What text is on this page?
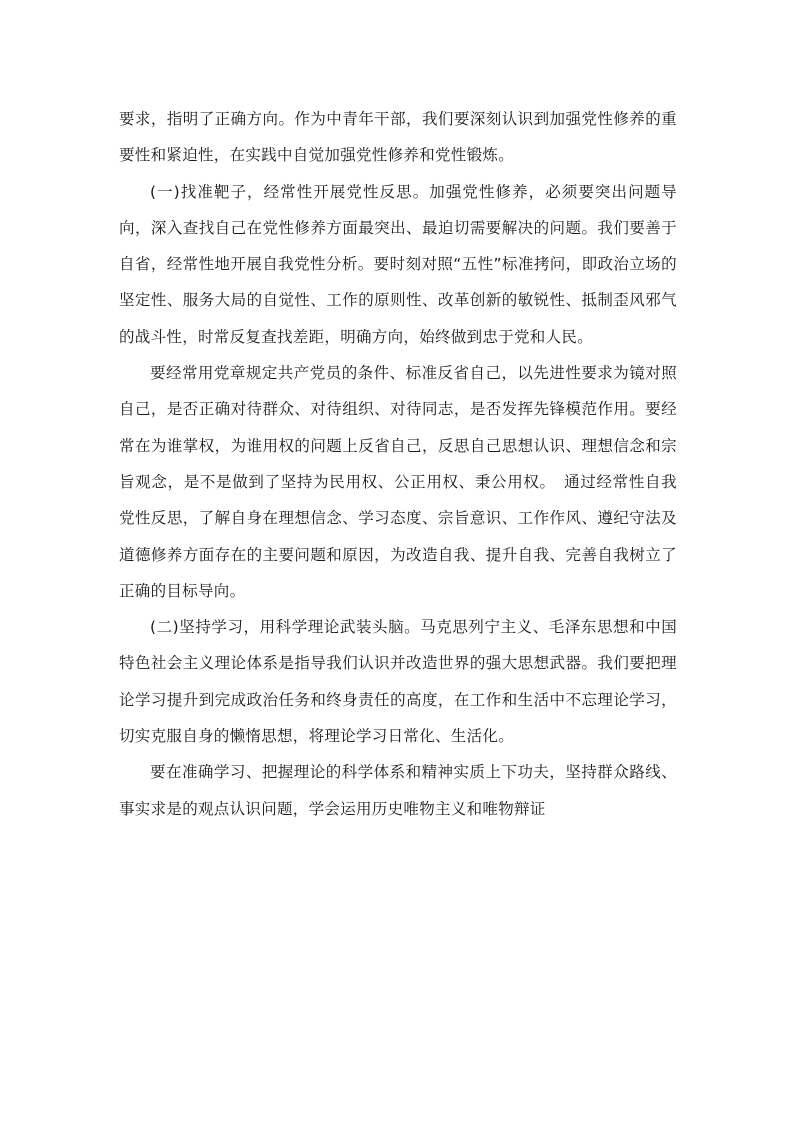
要求，指明了正确方向。作为中青年干部，我们要深刻认识到加强党性修养的重要性和紧迫性，在实践中自觉加强党性修养和党性锻炼。

(一)找准靶子，经常性开展党性反思。加强党性修养，必须要突出问题导向，深入查找自己在党性修养方面最突出、最迫切需要解决的问题。我们要善于自省，经常性地开展自我党性分析。要时刻对照“五性”标准拷问，即政治立场的坚定性、服务大局的自觉性、工作的原则性、改革创新的敏锐性、抵制歪风邪气的战斗性，时常反复查找差距，明确方向，始终做到忠于党和人民。

要经常用党章规定共产党员的条件、标准反省自己，以先进性要求为镜对照自己，是否正确对待群众、对待组织、对待同志，是否发挥先锋模范作用。要经常在为谁掌权，为谁用权的问题上反省自己，反思自己思想认识、理想信念和宗旨观念，是不是做到了坚持为民用权、公正用权、秉公用权。　通过经常性自我党性反思，了解自身在理想信念、学习态度、宗旨意识、工作作风、遵纪守法及道德修养方面存在的主要问题和原因，为改造自我、提升自我、完善自我树立了正确的目标导向。

(二)坚持学习，用科学理论武装头脑。马克思列宁主义、毛泽东思想和中国特色社会主义理论体系是指导我们认识并改造世界的强大思想武器。我们要把理论学习提升到完成政治任务和终身责任的高度，在工作和生活中不忘理论学习，切实克服自身的懒惰思想，将理论学习日常化、生活化。

要在准确学习、把握理论的科学体系和精神实质上下功夫，坚持群众路线、事实求是的观点认识问题，学会运用历史唯物主义和唯物辩证
